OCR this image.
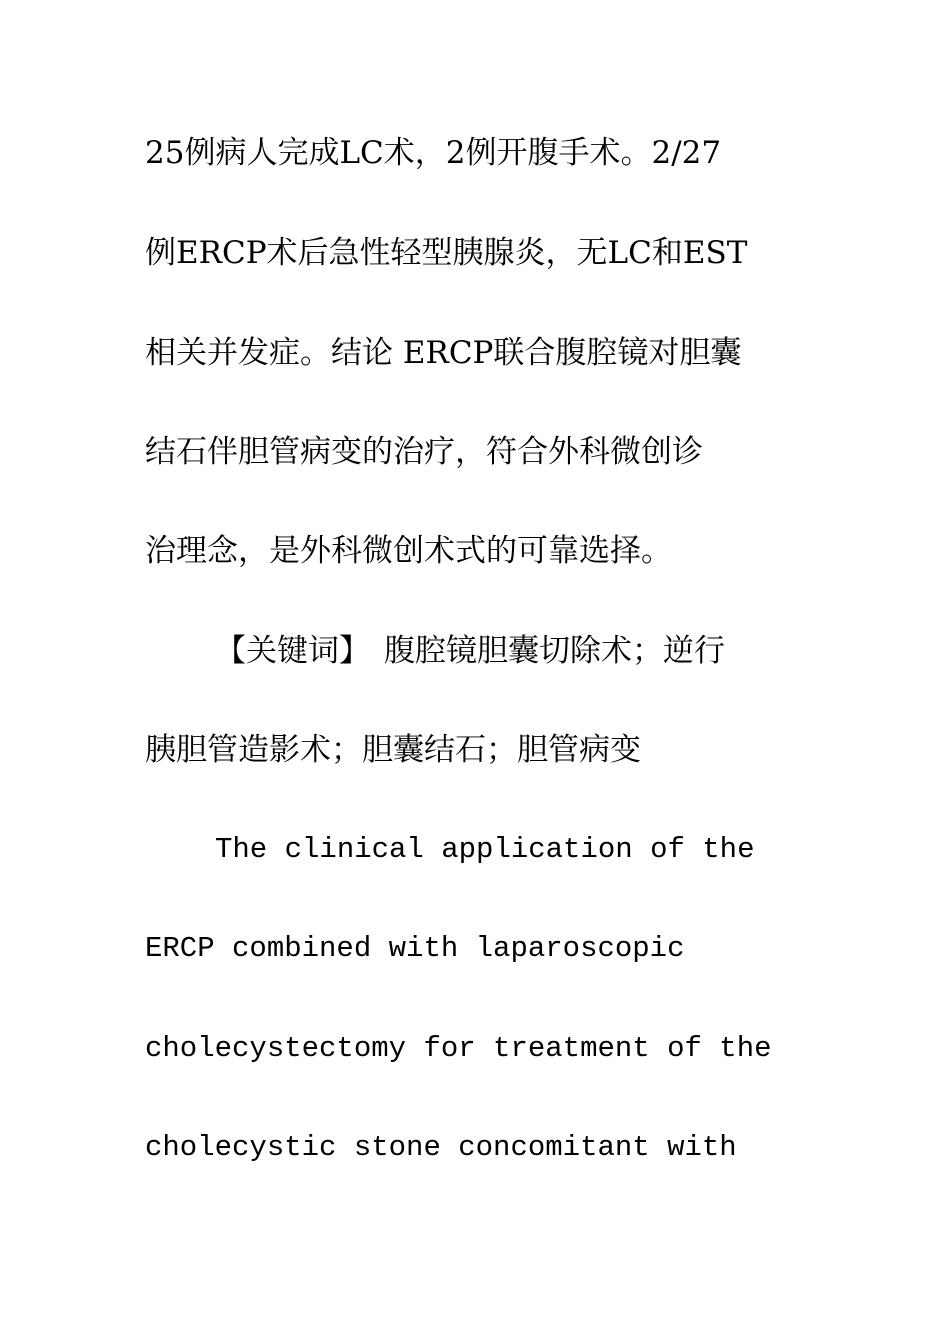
25例病人完成LC术，2例开腹手术。2/27
例ERCP术后急性轻型胰腺炎，无LC和EST
相关并发症。结论 ERCP联合腹腔镜对胆囊
结石伴胆管病变的治疗，符合外科微创诊
治理念，是外科微创术式的可靠选择。
【关键词】 腹腔镜胆囊切除术；逆行
胰胆管造影术；胆囊结石；胆管病变
The clinical application of the
ERCP combined with laparoscopic
cholecystectomy for treatment of the
cholecystic stone concomitant with
